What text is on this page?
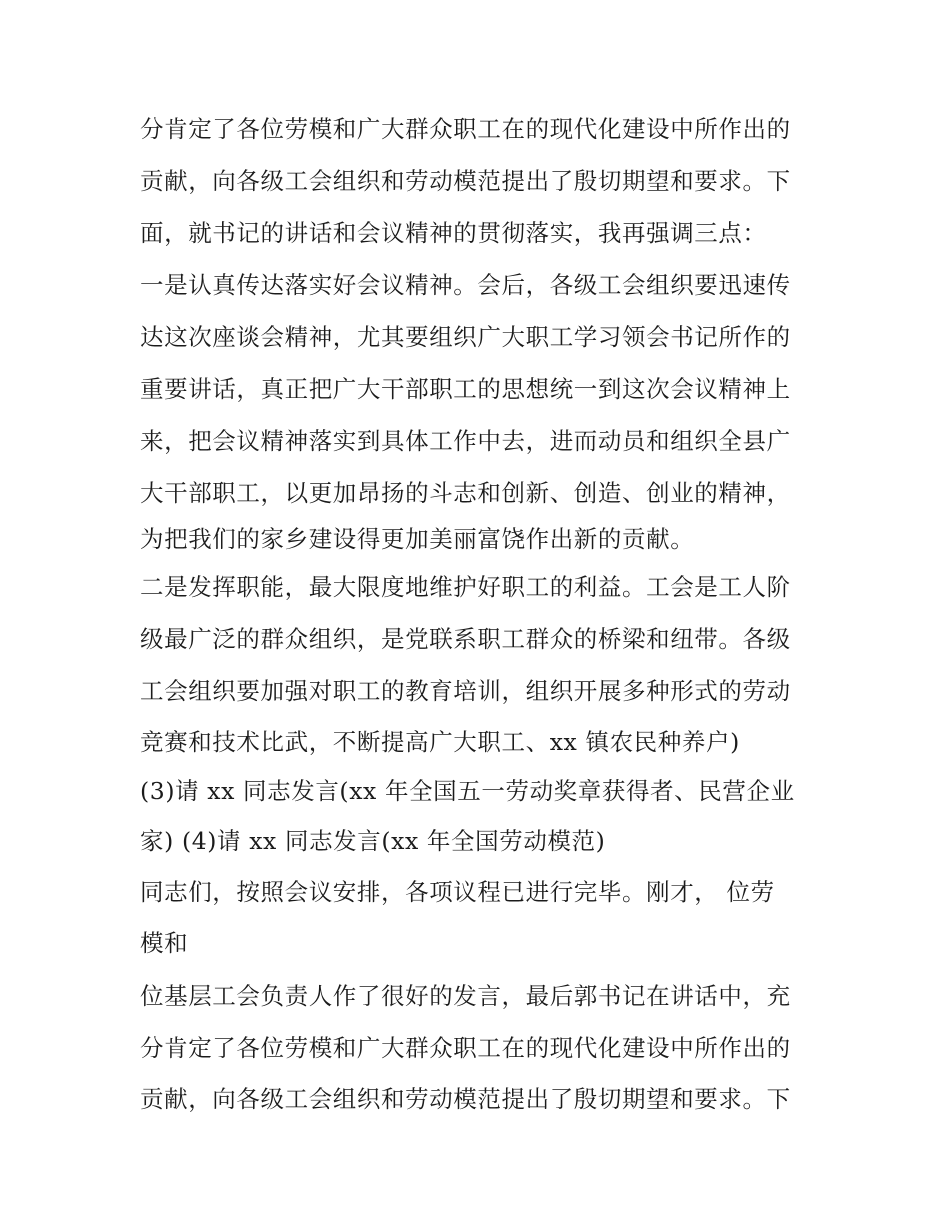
分肯定了各位劳模和广大群众职工在的现代化建设中所作出的
贡献，向各级工会组织和劳动模范提出了殷切期望和要求。下
面，就书记的讲话和会议精神的贯彻落实，我再强调三点：
一是认真传达落实好会议精神。会后，各级工会组织要迅速传
达这次座谈会精神，尤其要组织广大职工学习领会书记所作的
重要讲话，真正把广大干部职工的思想统一到这次会议精神上
来，把会议精神落实到具体工作中去，进而动员和组织全县广
大干部职工，以更加昂扬的斗志和创新、创造、创业的精神，
为把我们的家乡建设得更加美丽富饶作出新的贡献。
二是发挥职能，最大限度地维护好职工的利益。工会是工人阶
级最广泛的群众组织，是党联系职工群众的桥梁和纽带。各级
工会组织要加强对职工的教育培训，组织开展多种形式的劳动
竞赛和技术比武，不断提高广大职工、xx 镇农民种养户)
(3)请 xx 同志发言(xx 年全国五一劳动奖章获得者、民营企业
家) (4)请 xx 同志发言(xx 年全国劳动模范)
同志们，按照会议安排，各项议程已进行完毕。刚才， 位劳
模和
位基层工会负责人作了很好的发言，最后郭书记在讲话中，充
分肯定了各位劳模和广大群众职工在的现代化建设中所作出的
贡献，向各级工会组织和劳动模范提出了殷切期望和要求。下
